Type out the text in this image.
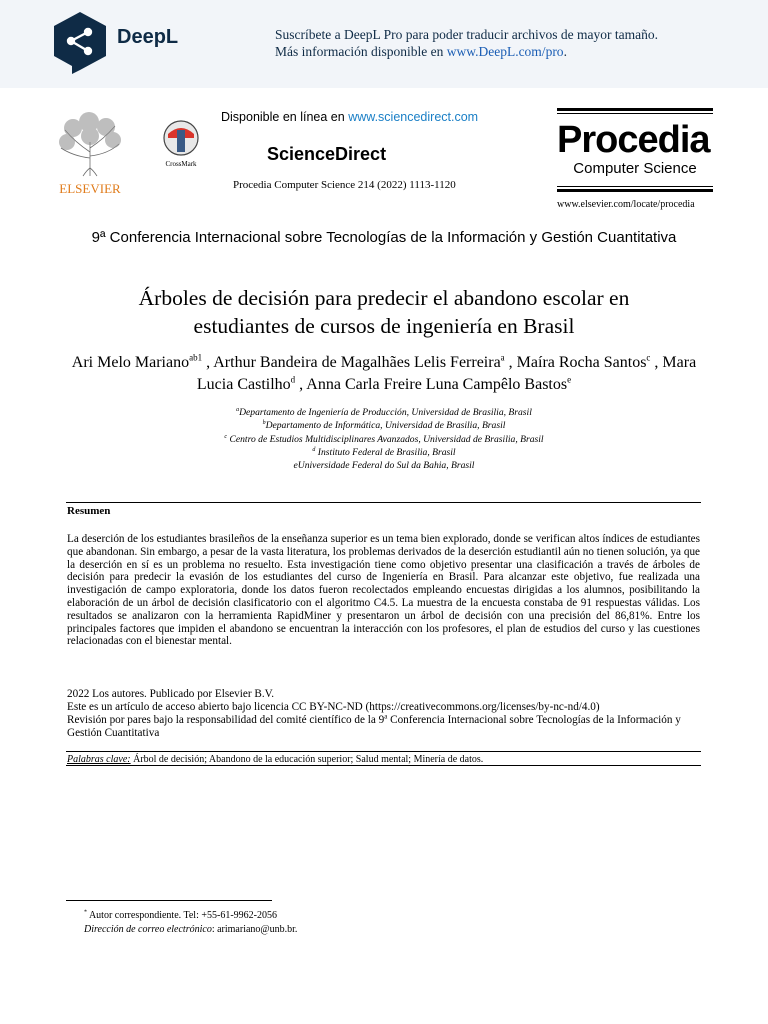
DeepL	Suscríbete a DeepL Pro para poder traducir archivos de mayor tamaño.
Más información disponible en www.DeepL.com/pro.
ELSEVIER
CrossMark
Disponible en línea en www.sciencedirect.com
ScienceDirect
Procedia Computer Science 214 (2022) 1113-1120
Procedia
Computer Science
www.elsevier.com/locate/procedia
9ª Conferencia Internacional sobre Tecnologías de la Información y Gestión Cuantitativa
Árboles de decisión para predecir el abandono escolar en
estudiantes de cursos de ingeniería en Brasil
Ari Melo Mariano$^{ab1}$ , Arthur Bandeira de Magalhães Lelis Ferreira$^a$ , Maíra Rocha Santos$^c$ , Mara Lucia Castilho$^d$ , Anna Carla Freire Luna Campêlo Bastos$^e$
$^a$Departamento de Ingeniería de Producción, Universidad de Brasilia, Brasil
$^b$Departamento de Informática, Universidad de Brasilia, Brasil
$^c$ Centro de Estudios Multidisciplinares Avanzados, Universidad de Brasilia, Brasil
$^d$ Instituto Federal de Brasilia, Brasil
eUniversidade Federal do Sul da Bahia, Brasil
Resumen
La deserción de los estudiantes brasileños de la enseñanza superior es un tema bien explorado, donde se verifican altos índices de estudiantes que abandonan. Sin embargo, a pesar de la vasta literatura, los problemas derivados de la deserción estudiantil aún no tienen solución, ya que la deserción en sí es un problema no resuelto. Esta investigación tiene como objetivo presentar una clasificación a través de árboles de decisión para predecir la evasión de los estudiantes del curso de Ingeniería en Brasil. Para alcanzar este objetivo, fue realizada una investigación de campo exploratoria, donde los datos fueron recolectados empleando encuestas dirigidas a los alumnos, posibilitando la elaboración de un árbol de decisión clasificatorio con el algoritmo C4.5. La muestra de la encuesta constaba de 91 respuestas válidas. Los resultados se analizaron con la herramienta RapidMiner y presentaron un árbol de decisión con una precisión del 86,81%. Entre los principales factores que impiden el abandono se encuentran la interacción con los profesores, el plan de estudios del curso y las cuestiones relacionadas con el bienestar mental.
2022 Los autores. Publicado por Elsevier B.V.
Este es un artículo de acceso abierto bajo licencia CC BY-NC-ND (https://creativecommons.org/licenses/by-nc-nd/4.0)
Revisión por pares bajo la responsabilidad del comité científico de la 9$^a$ Conferencia Internacional sobre Tecnologías de la Información y Gestión Cuantitativa
Palabras clave: Árbol de decisión; Abandono de la educación superior; Salud mental; Minería de datos.
* Autor correspondiente. Tel: +55-61-9962-2056
Dirección de correo electrónico: arimariano@unb.br.
